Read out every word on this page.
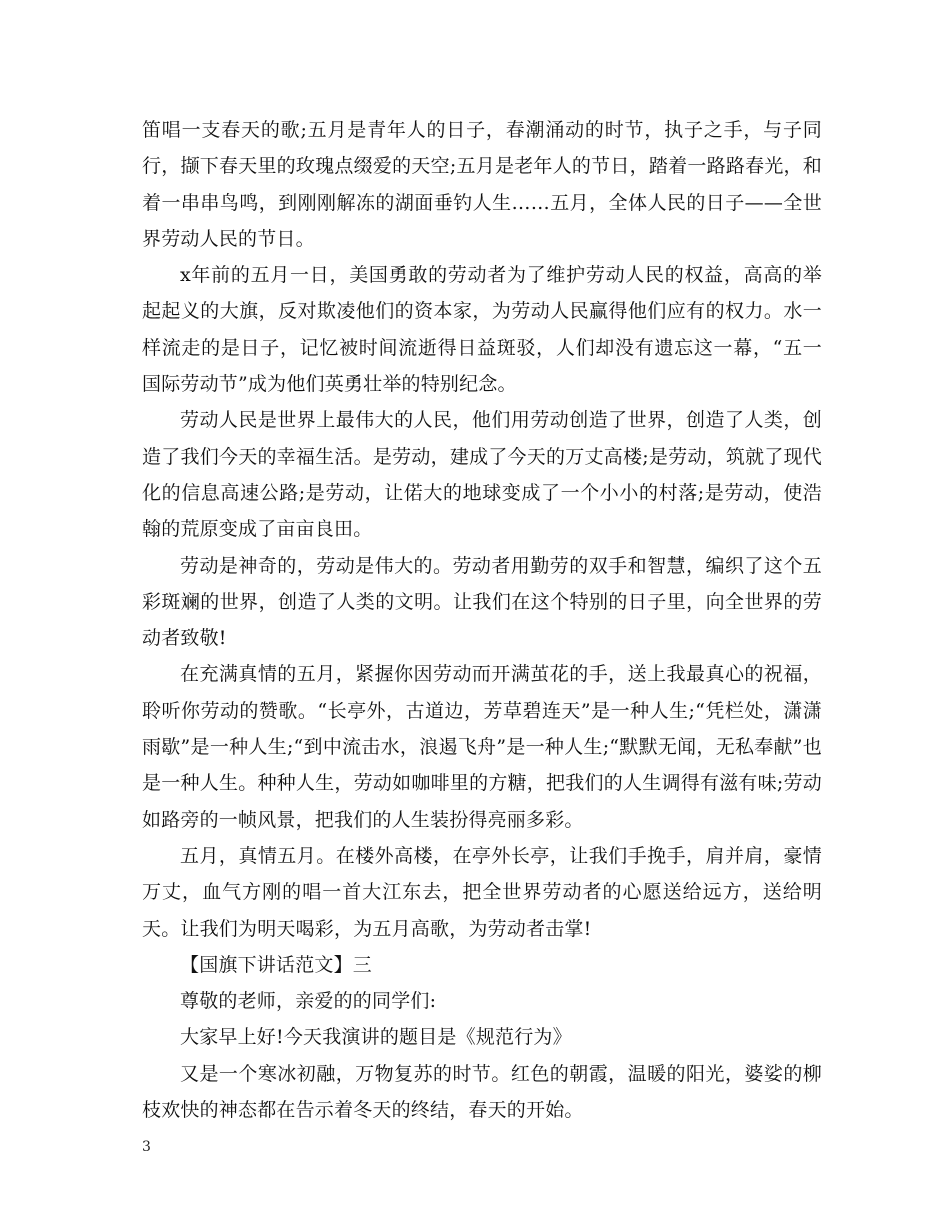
笛唱一支春天的歌;五月是青年人的日子，春潮涌动的时节，执子之手，与子同行，撷下春天里的玫瑰点缀爱的天空;五月是老年人的节日，踏着一路路春光，和着一串串鸟鸣，到刚刚解冻的湖面垂钓人生……五月，全体人民的日子——全世界劳动人民的节日。

x年前的五月一日，美国勇敢的劳动者为了维护劳动人民的权益，高高的举起起义的大旗，反对欺凌他们的资本家，为劳动人民赢得他们应有的权力。水一样流走的是日子，记忆被时间流逝得日益斑驳，人们却没有遗忘这一幕，“五一国际劳动节”成为他们英勇壮举的特别纪念。

劳动人民是世界上最伟大的人民，他们用劳动创造了世界，创造了人类，创造了我们今天的幸福生活。是劳动，建成了今天的万丈高楼;是劳动，筑就了现代化的信息高速公路;是劳动，让偌大的地球变成了一个小小的村落;是劳动，使浩翰的荒原变成了亩亩良田。

劳动是神奇的，劳动是伟大的。劳动者用勤劳的双手和智慧，编织了这个五彩斑斓的世界，创造了人类的文明。让我们在这个特别的日子里，向全世界的劳动者致敬!

在充满真情的五月，紧握你因劳动而开满茧花的手，送上我最真心的祝福，聆听你劳动的赞歌。“长亭外，古道边，芳草碧连天”是一种人生;“凭栏处，潇潇雨歇”是一种人生;“到中流击水，浪遏飞舟”是一种人生;“默默无闻，无私奉献”也是一种人生。种种人生，劳动如咖啡里的方糖，把我们的人生调得有滋有味;劳动如路旁的一帧风景，把我们的人生装扮得亮丽多彩。

五月，真情五月。在楼外高楼，在亭外长亭，让我们手挽手，肩并肩，豪情万丈，血气方刚的唱一首大江东去，把全世界劳动者的心愿送给远方，送给明天。让我们为明天喝彩，为五月高歌，为劳动者击掌!

【国旗下讲话范文】三

尊敬的老师，亲爱的的同学们:

大家早上好!今天我演讲的题目是《规范行为》

又是一个寒冰初融，万物复苏的时节。红色的朝霞，温暖的阳光，婆娑的柳枝欢快的神态都在告示着冬天的终结，春天的开始。

3
